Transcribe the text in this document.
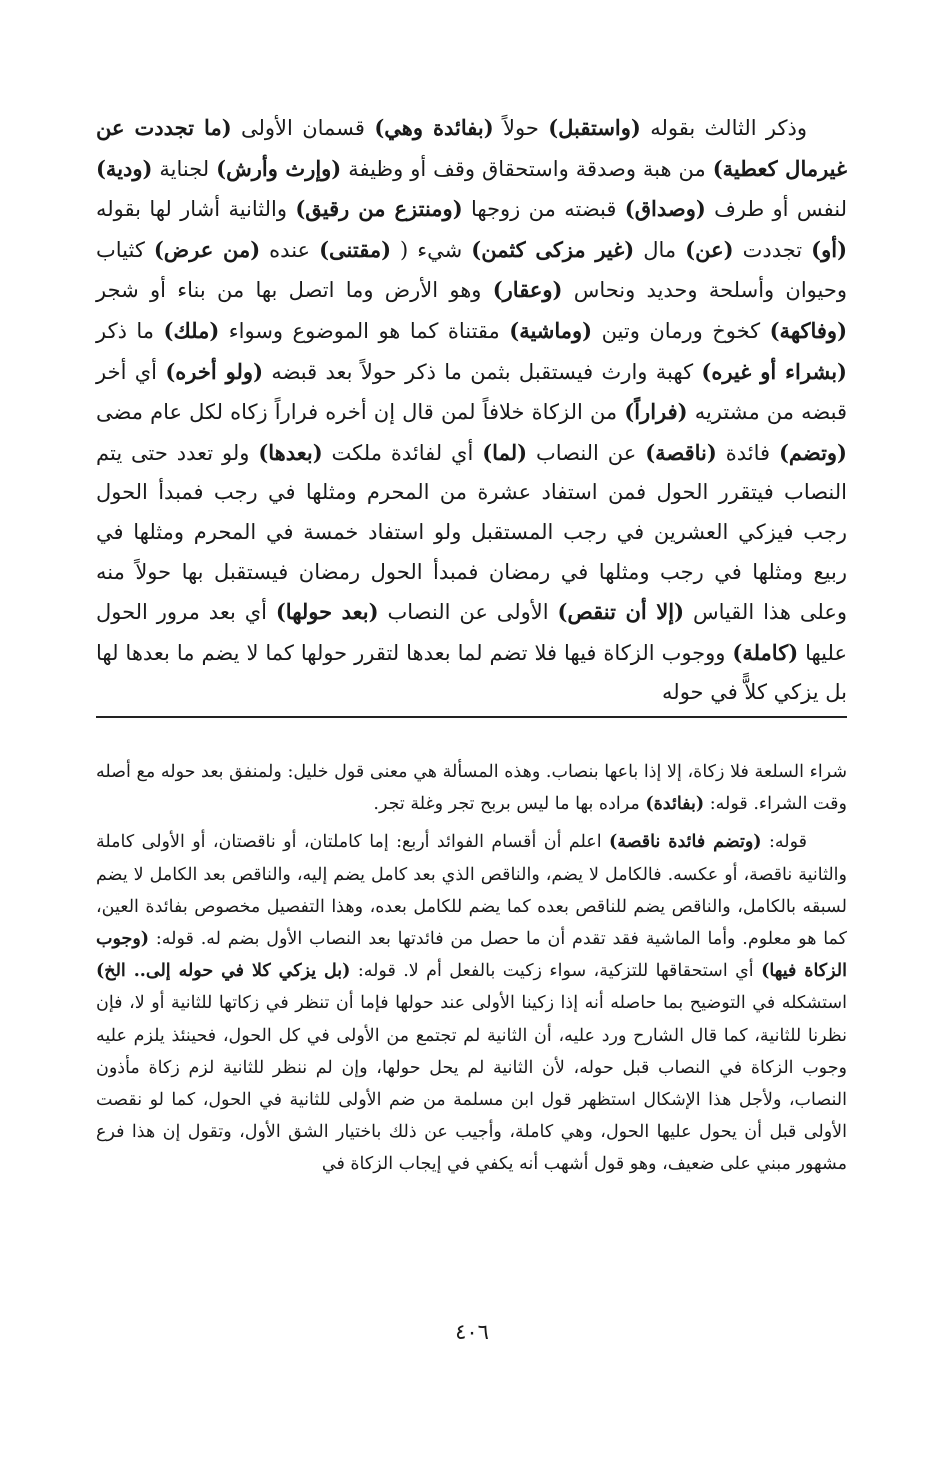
وذكر الثالث بقوله (واستقبل) حولاً (بفائدة وهي) قسمان الأولى (ما تجددت عن غيرمال كعطية) من هبة وصدقة واستحقاق وقف أو وظيفة (وإرث وأرش) لجناية (ودية) لنفس أو طرف (وصداق) قبضته من زوجها (ومنتزع من رقيق) والثانية أشار لها بقوله (أو) تجددت (عن) مال (غير مزكى كثمن) شيء ( (مقتنى) عنده (من عرض) كثياب وحيوان وأسلحة وحديد ونحاس (وعقار) وهو الأرض وما اتصل بها من بناء أو شجر (وفاكهة) كخوخ ورمان وتين (وماشية) مقتناة كما هو الموضوع وسواء (ملك) ما ذكر (بشراء أو غيره) كهبة وارث فيستقبل بثمن ما ذكر حولاً بعد قبضه (ولو أخره) أي أخر قبضه من مشتريه (فراراً) من الزكاة خلافاً لمن قال إن أخره فراراً زكاه لكل عام مضى (وتضم) فائدة (ناقصة) عن النصاب (لما) أي لفائدة ملكت (بعدها) ولو تعدد حتى يتم النصاب فيتقرر الحول فمن استفاد عشرة من المحرم ومثلها في رجب فمبدأ الحول رجب فيزكي العشرين في رجب المستقبل ولو استفاد خمسة في المحرم ومثلها في ربيع ومثلها في رجب ومثلها في رمضان فمبدأ الحول رمضان فيستقبل بها حولاً منه وعلى هذا القياس (إلا أن تنقص) الأولى عن النصاب (بعد حولها) أي بعد مرور الحول عليها (كاملة) ووجوب الزكاة فيها فلا تضم لما بعدها لتقرر حولها كما لا يضم ما بعدها لها بل يزكي كلاًّ في حوله

شراء السلعة فلا زكاة، إلا إذا باعها بنصاب. وهذه المسألة هي معنى قول خليل: ولمنفق بعد حوله مع أصله وقت الشراء. قوله: (بفائدة) مراده بها ما ليس بربح تجر وغلة تجر.

قوله: (وتضم فائدة ناقصة) اعلم أن أقسام الفوائد أربع: إما كاملتان، أو ناقصتان، أو الأولى كاملة والثانية ناقصة، أو عكسه. فالكامل لا يضم، والناقص الذي بعد كامل يضم إليه، والناقص بعد الكامل لا يضم لسبقه بالكامل، والناقص يضم للناقص بعده كما يضم للكامل بعده، وهذا التفصيل مخصوص بفائدة العين، كما هو معلوم. وأما الماشية فقد تقدم أن ما حصل من فائدتها بعد النصاب الأول بضم له. قوله: (وجوب الزكاة فيها) أي استحقاقها للتزكية، سواء زكيت بالفعل أم لا. قوله: (بل يزكي كلا في حوله إلى.. الخ) استشكله في التوضيح بما حاصله أنه إذا زكينا الأولى عند حولها فإما أن تنظر في زكاتها للثانية أو لا، فإن نظرنا للثانية، كما قال الشارح ورد عليه، أن الثانية لم تجتمع من الأولى في كل الحول، فحينئذ يلزم عليه وجوب الزكاة في النصاب قبل حوله، لأن الثانية لم يحل حولها، وإن لم ننظر للثانية لزم زكاة مأذون النصاب، ولأجل هذا الإشكال استظهر قول ابن مسلمة من ضم الأولى للثانية في الحول، كما لو نقصت الأولى قبل أن يحول عليها الحول، وهي كاملة، وأجيب عن ذلك باختيار الشق الأول، وتقول إن هذا فرع مشهور مبني على ضعيف، وهو قول أشهب أنه يكفي في إيجاب الزكاة في

٤٠٦
